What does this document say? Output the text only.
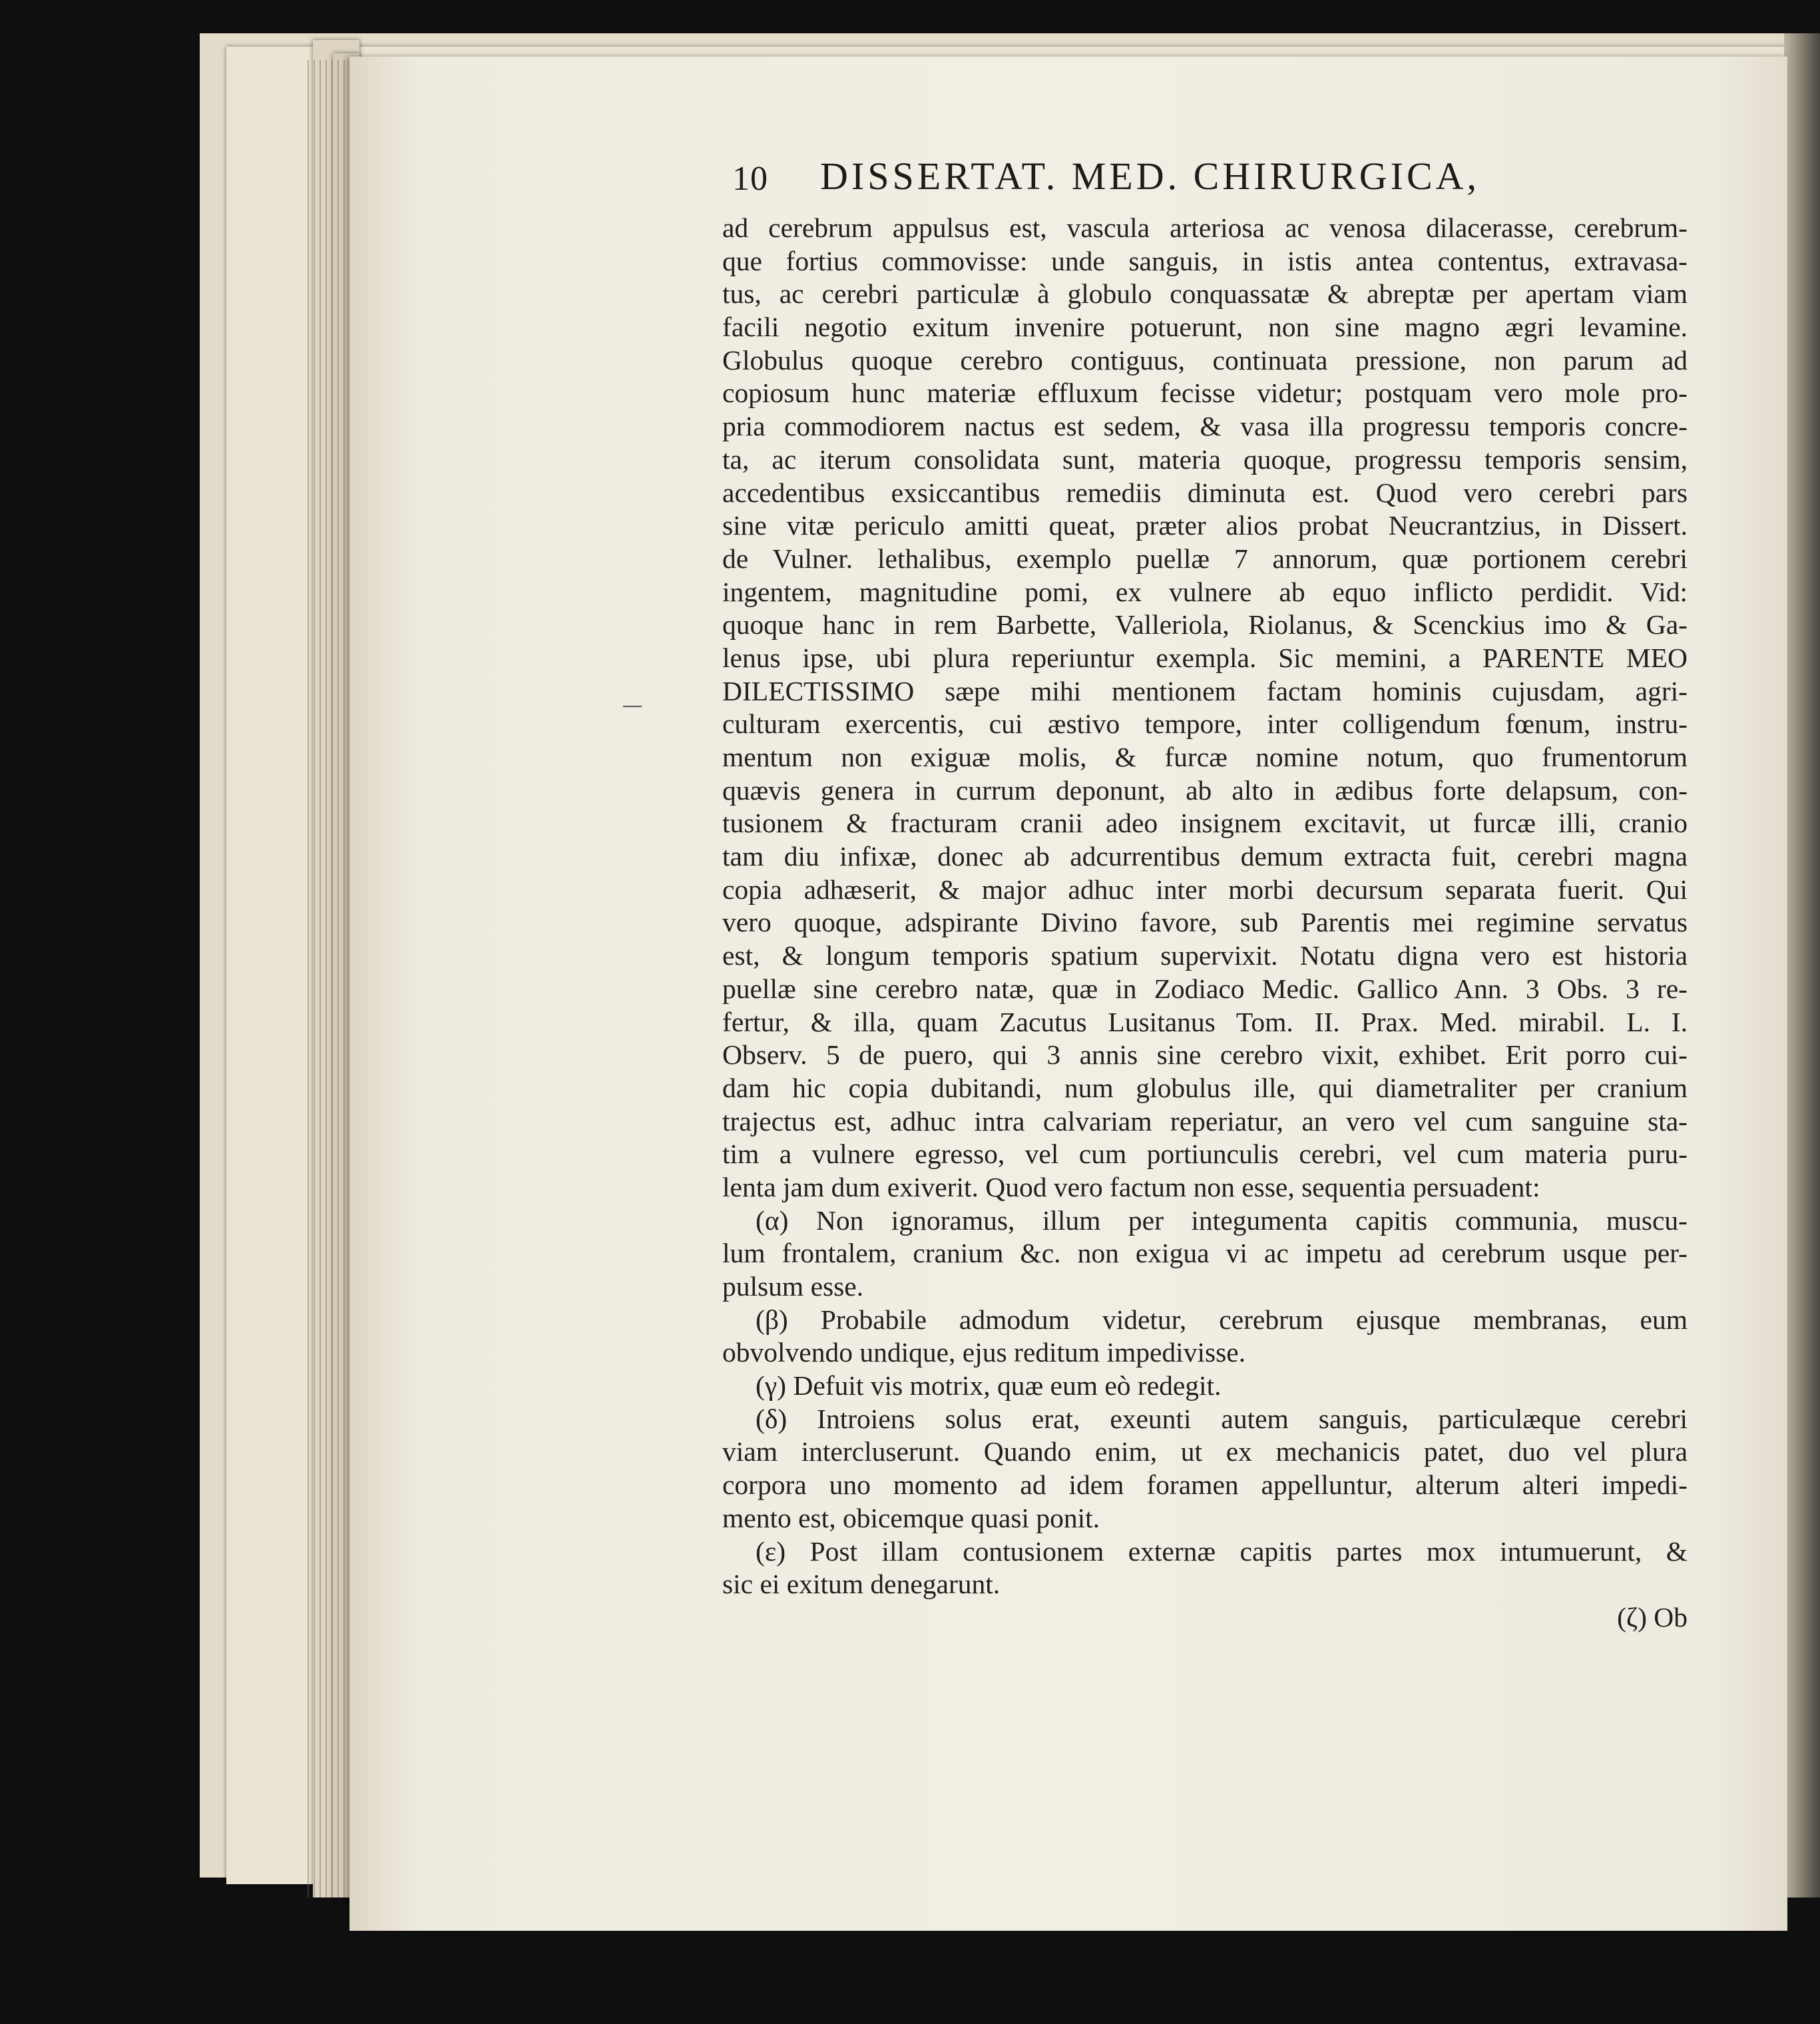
10 DISSERTAT. MED. CHIRURGICA,
ad cerebrum appulsus est, vascula arteriosa ac venosa dilacerasse, cerebrum-
que fortius commovisse: unde sanguis, in istis antea contentus, extravasa-
tus, ac cerebri particulæ à globulo conquassatæ & abreptæ per apertam viam
facili negotio exitum invenire potuerunt, non sine magno ægri levamine.
Globulus quoque cerebro contiguus, continuata pressione, non parum ad
copiosum hunc materiæ effluxum fecisse videtur; postquam vero mole pro-
pria commodiorem nactus est sedem, & vasa illa progressu temporis concre-
ta, ac iterum consolidata sunt, materia quoque, progressu temporis sensim,
accedentibus exsiccantibus remediis diminuta est. Quod vero cerebri pars
sine vitæ periculo amitti queat, præter alios probat Neucrantzius, in Dissert.
de Vulner. lethalibus, exemplo puellæ 7 annorum, quæ portionem cerebri
ingentem, magnitudine pomi, ex vulnere ab equo inflicto perdidit. Vid:
quoque hanc in rem Barbette, Valleriola, Riolanus, & Scenckius imo & Ga-
lenus ipse, ubi plura reperiuntur exempla. Sic memini, a PARENTE MEO
DILECTISSIMO sæpe mihi mentionem factam hominis cujusdam, agri-
culturam exercentis, cui æstivo tempore, inter colligendum fœnum, instru-
mentum non exiguæ molis, & furcæ nomine notum, quo frumentorum
quævis genera in currum deponunt, ab alto in ædibus forte delapsum, con-
tusionem & fracturam cranii adeo insignem excitavit, ut furcæ illi, cranio
tam diu infixæ, donec ab adcurrentibus demum extracta fuit, cerebri magna
copia adhæserit, & major adhuc inter morbi decursum separata fuerit. Qui
vero quoque, adspirante Divino favore, sub Parentis mei regimine servatus
est, & longum temporis spatium supervixit. Notatu digna vero est historia
puellæ sine cerebro natæ, quæ in Zodiaco Medic. Gallico Ann. 3 Obs. 3 re-
fertur, & illa, quam Zacutus Lusitanus Tom. II. Prax. Med. mirabil. L. I.
Observ. 5 de puero, qui 3 annis sine cerebro vixit, exhibet. Erit porro cui-
dam hic copia dubitandi, num globulus ille, qui diametraliter per cranium
trajectus est, adhuc intra calvariam reperiatur, an vero vel cum sanguine sta-
tim a vulnere egresso, vel cum portiunculis cerebri, vel cum materia puru-
lenta jam dum exiverit. Quod vero factum non esse, sequentia persuadent:
(α) Non ignoramus, illum per integumenta capitis communia, muscu-
lum frontalem, cranium &c. non exigua vi ac impetu ad cerebrum usque per-
pulsum esse.
(β) Probabile admodum videtur, cerebrum ejusque membranas, eum
obvolvendo undique, ejus reditum impedivisse.
(γ) Defuit vis motrix, quæ eum eò redegit.
(δ) Introiens solus erat, exeunti autem sanguis, particulæque cerebri
viam intercluserunt. Quando enim, ut ex mechanicis patet, duo vel plura
corpora uno momento ad idem foramen appelluntur, alterum alteri impedi-
mento est, obicemque quasi ponit.
(ε) Post illam contusionem externæ capitis partes mox intumuerunt, &
sic ei exitum denegarunt.
(ζ) Ob
